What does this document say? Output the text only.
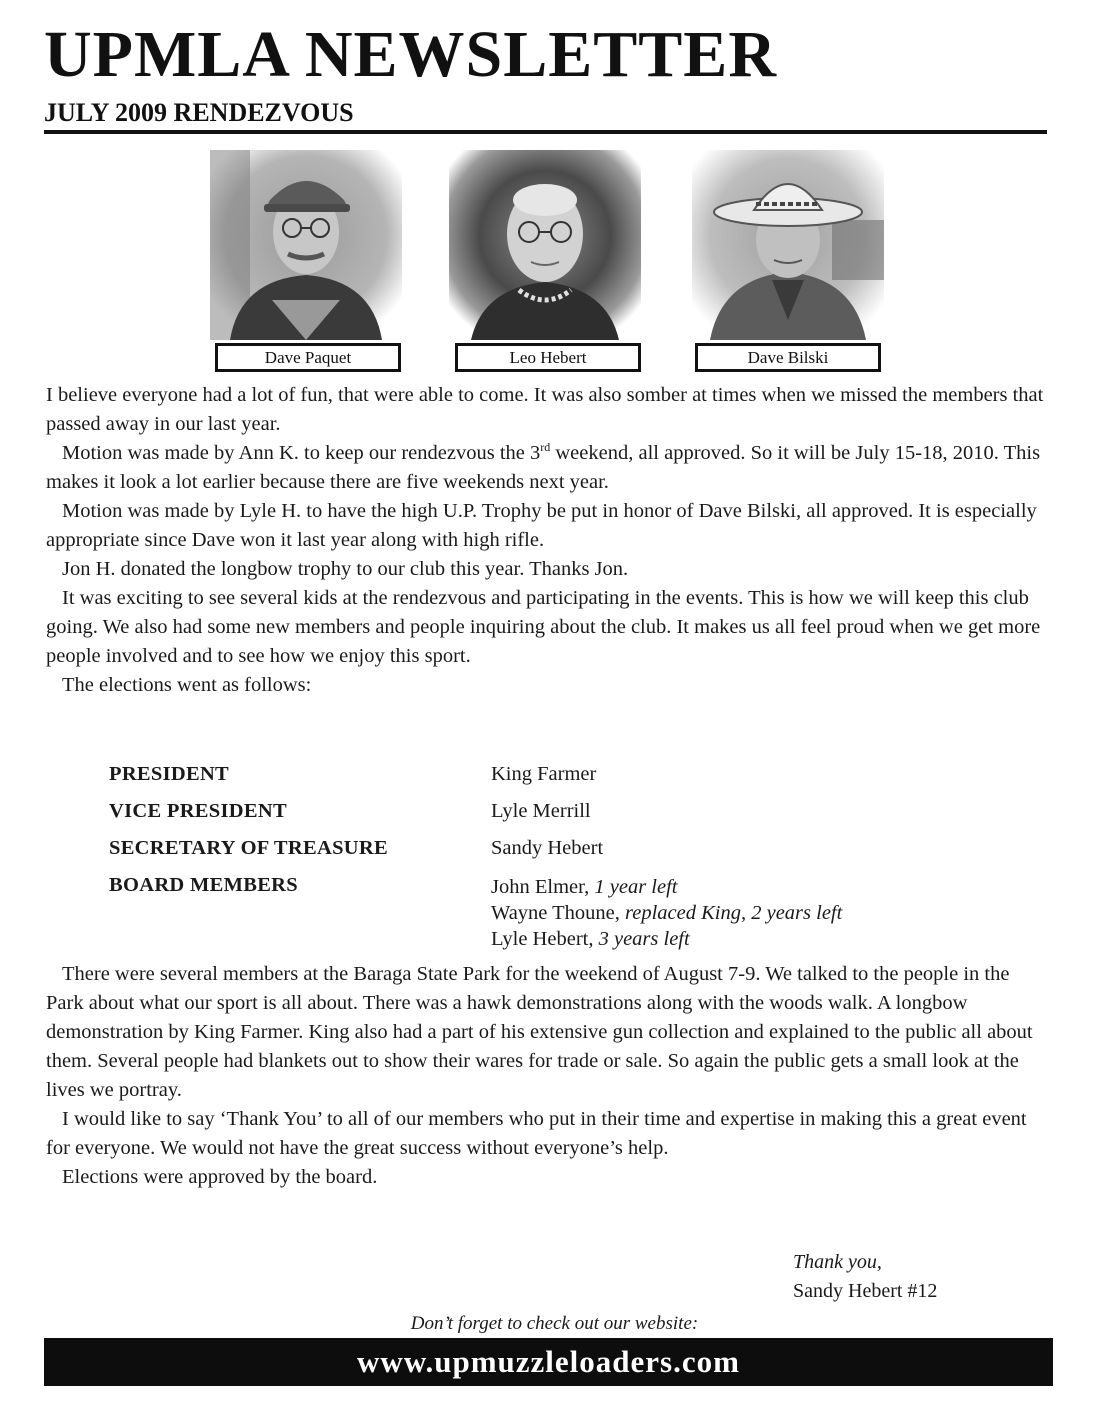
UPMLA NEWSLETTER
JULY 2009 RENDEZVOUS
Dave Paquet	Leo Hebert	Dave Bilski

I believe everyone had a lot of fun, that were able to come. It was also somber at times when we missed the members that passed away in our last year.

Motion was made by Ann K. to keep our rendezvous the 3rd weekend, all approved. So it will be July 15-18, 2010. This makes it look a lot earlier because there are five weekends next year.

Motion was made by Lyle H. to have the high U.P. Trophy be put in honor of Dave Bilski, all approved. It is especially appropriate since Dave won it last year along with high rifle.

Jon H. donated the longbow trophy to our club this year. Thanks Jon.

It was exciting to see several kids at the rendezvous and participating in the events. This is how we will keep this club going. We also had some new members and people inquiring about the club. It makes us all feel proud when we get more people involved and to see how we enjoy this sport.

The elections went as follows:

PRESIDENT	King Farmer
VICE PRESIDENT	Lyle Merrill
SECRETARY OF TREASURE	Sandy Hebert
BOARD MEMBERS	John Elmer, 1 year left
Wayne Thoune, replaced King, 2 years left
Lyle Hebert, 3 years left

There were several members at the Baraga State Park for the weekend of August 7-9. We talked to the people in the Park about what our sport is all about. There was a hawk demonstrations along with the woods walk. A longbow demonstration by King Farmer. King also had a part of his extensive gun collection and explained to the public all about them. Several people had blankets out to show their wares for trade or sale. So again the public gets a small look at the lives we portray.

I would like to say ‘Thank You’ to all of our members who put in their time and expertise in making this a great event for everyone. We would not have the great success without everyone’s help.

Elections were approved by the board.

Thank you,
Sandy Hebert #12
Don’t forget to check out our website:
www.upmuzzleloaders.com
